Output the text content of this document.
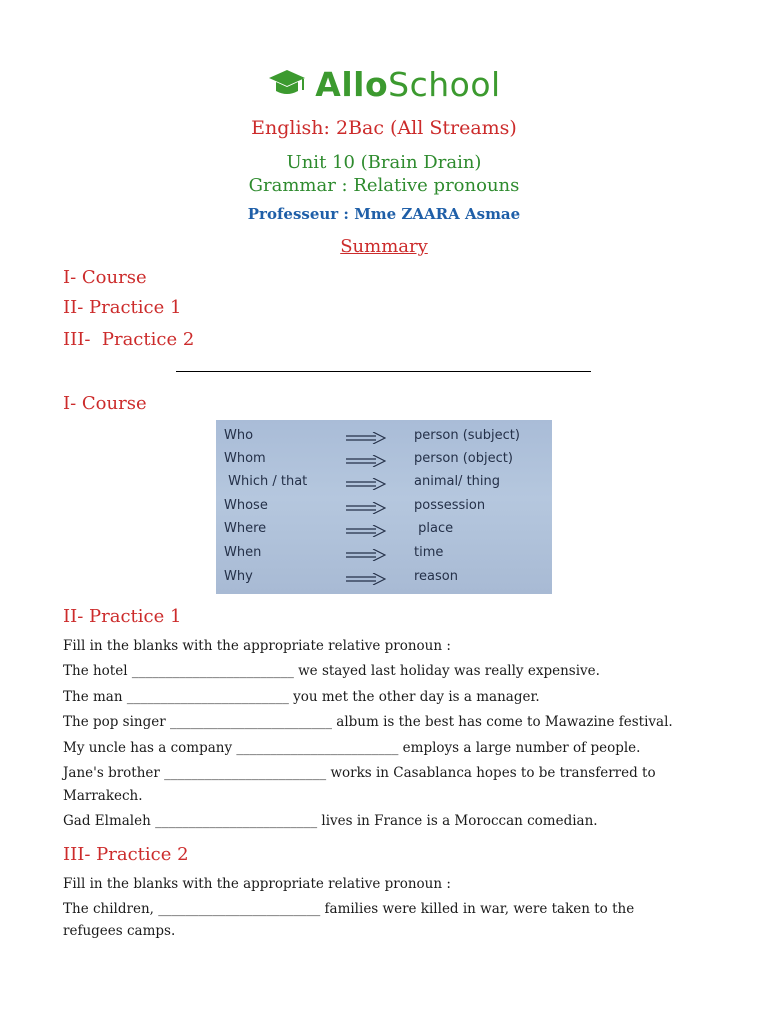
AlloSchool
English: 2Bac (All Streams)
Unit 10 (Brain Drain)
Grammar : Relative pronouns
Professeur : Mme ZAARA Asmae
Summary
I- Course
II- Practice 1
III-  Practice 2
I- Course
Who	person (subject)
Whom	person (object)
Which / that	animal/ thing
Whose	possession
Where	place
When	time
Why	reason
II- Practice 1
Fill in the blanks with the appropriate relative pronoun :
The hotel ________________________ we stayed last holiday was really expensive.
The man ________________________ you met the other day is a manager.
The pop singer ________________________ album is the best has come to Mawazine festival.
My uncle has a company ________________________ employs a large number of people.
Jane's brother ________________________ works in Casablanca hopes to be transferred to
Marrakech.
Gad Elmaleh ________________________ lives in France is a Moroccan comedian.
III- Practice 2
Fill in the blanks with the appropriate relative pronoun :
The children, ________________________ families were killed in war, were taken to the
refugees camps.
